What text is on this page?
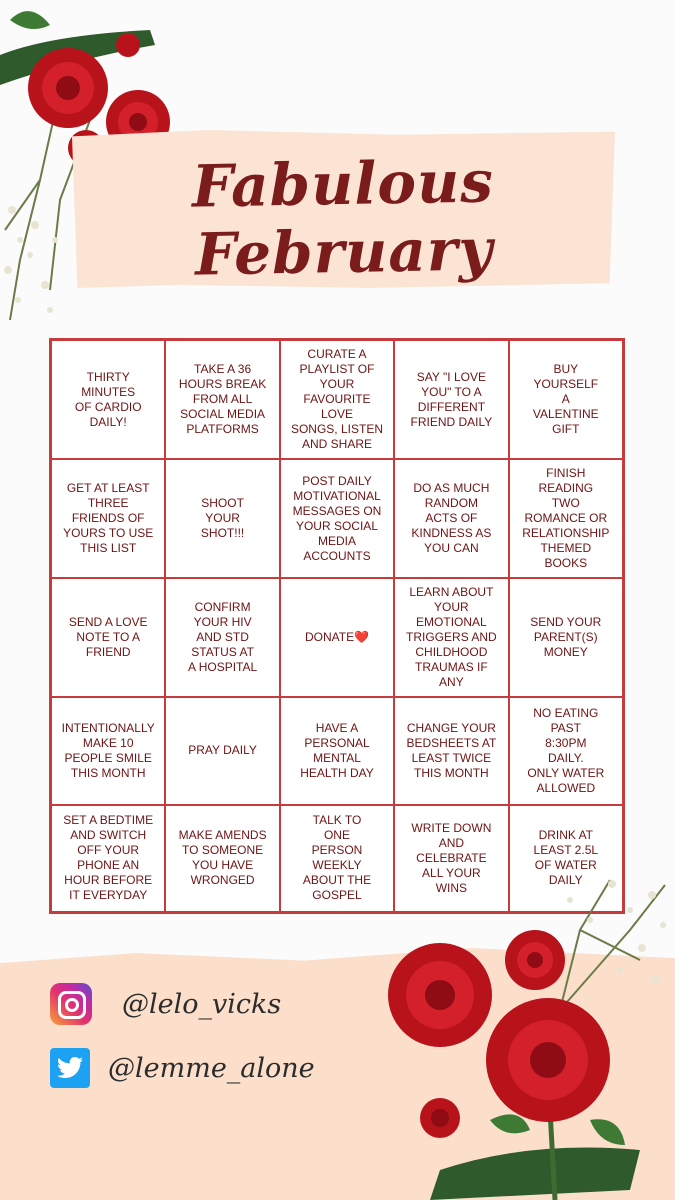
Fabulous February
THIRTY
MINUTES
OF CARDIO
DAILY!
TAKE A 36
HOURS BREAK
FROM ALL
SOCIAL MEDIA
PLATFORMS
CURATE A
PLAYLIST OF
YOUR
FAVOURITE LOVE
SONGS, LISTEN
AND SHARE
SAY "I LOVE
YOU" TO A
DIFFERENT
FRIEND DAILY
BUY
YOURSELF
A
VALENTINE
GIFT
GET AT LEAST
THREE
FRIENDS OF
YOURS TO USE
THIS LIST
SHOOT
YOUR
SHOT!!!
POST DAILY
MOTIVATIONAL
MESSAGES ON
YOUR SOCIAL
MEDIA
ACCOUNTS
DO AS MUCH
RANDOM
ACTS OF
KINDNESS AS
YOU CAN
FINISH READING
TWO
ROMANCE OR
RELATIONSHIP
THEMED BOOKS
SEND A LOVE
NOTE TO A
FRIEND
CONFIRM
YOUR HIV
AND STD
STATUS AT
A HOSPITAL
DONATE❤️
LEARN ABOUT
YOUR
EMOTIONAL
TRIGGERS AND
CHILDHOOD
TRAUMAS IF
ANY
SEND YOUR
PARENT(S)
MONEY
INTENTIONALLY
MAKE 10
PEOPLE SMILE
THIS MONTH
PRAY DAILY
HAVE A
PERSONAL
MENTAL
HEALTH DAY
CHANGE YOUR
BEDSHEETS AT
LEAST TWICE
THIS MONTH
NO EATING
PAST
8:30PM
DAILY.
ONLY WATER
ALLOWED
SET A BEDTIME
AND SWITCH
OFF YOUR
PHONE AN
HOUR BEFORE
IT EVERYDAY
MAKE AMENDS
TO SOMEONE
YOU HAVE
WRONGED
TALK TO
ONE
PERSON
WEEKLY
ABOUT THE
GOSPEL
WRITE DOWN
AND
CELEBRATE
ALL YOUR
WINS
DRINK AT
LEAST 2.5L
OF WATER
DAILY
@lelo_vicks
@lemme_alone
